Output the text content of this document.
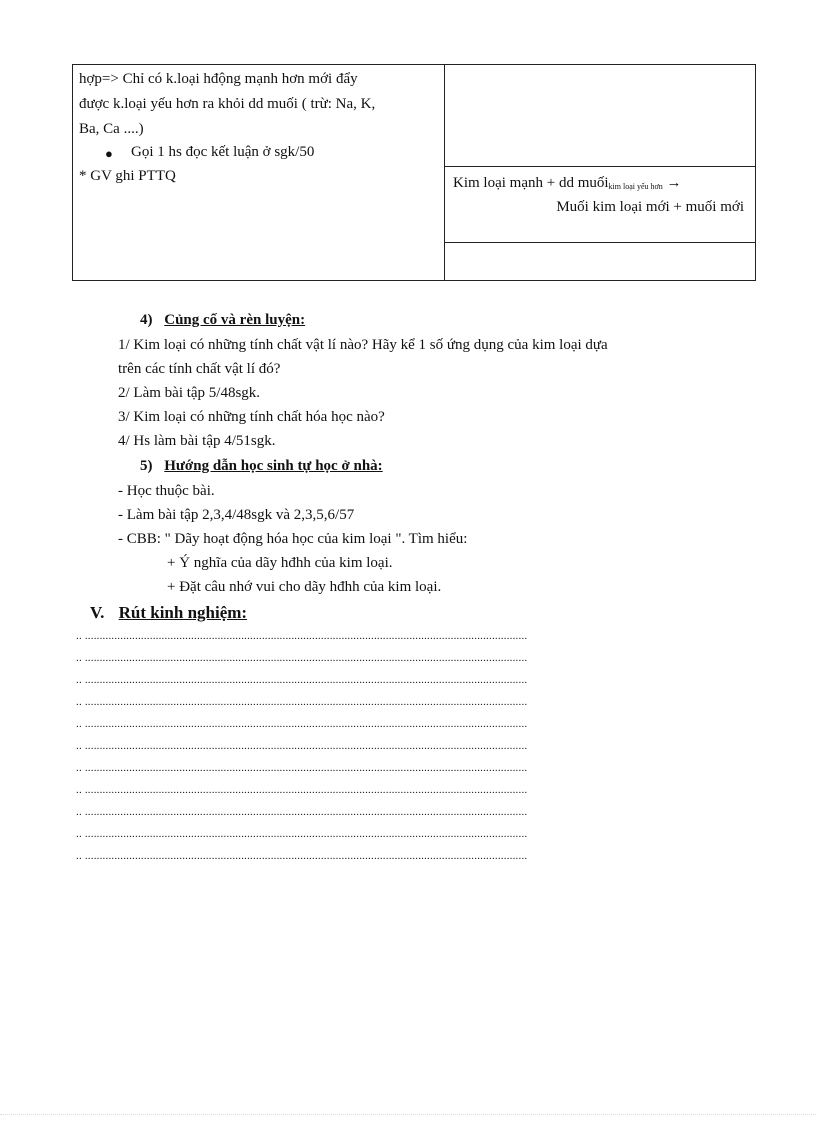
hợp=> Chỉ có k.loại hđộng mạnh hơn mới đẩy
được k.loại yếu hơn ra khỏi dd muối ( trừ: Na, K,
Ba, Ca ....)
● Gọi 1 hs đọc kết luận ở sgk/50
* GV ghi PTTQ	Kim loại mạnh + dd muối$_{kim loại yếu hơn}$ →
Muối kim loại mới + muối mới
4) Củng cố và rèn luyện:
1/ Kim loại có những tính chất vật lí nào? Hãy kể 1 số ứng dụng của kim loại dựa
trên các tính chất vật lí đó?
2/ Làm bài tập 5/48sgk.
3/ Kim loại có những tính chất hóa học nào?
4/ Hs làm bài tập 4/51sgk.
5) Hướng dẫn học sinh tự học ở nhà:
- Học thuộc bài.
- Làm bài tập 2,3,4/48sgk và 2,3,5,6/57
- CBB: " Dãy hoạt động hóa học của kim loại ". Tìm hiểu:
+ Ý nghĩa của dãy hđhh của kim loại.
+ Đặt câu nhớ vui cho dãy hđhh của kim loại.
V. Rút kinh nghiệm:
.. ......................................................................................................................................................
.. ......................................................................................................................................................
.. ......................................................................................................................................................
.. ......................................................................................................................................................
.. ......................................................................................................................................................
.. ......................................................................................................................................................
.. ......................................................................................................................................................
.. ......................................................................................................................................................
.. ......................................................................................................................................................
.. ......................................................................................................................................................
.. ......................................................................................................................................................
